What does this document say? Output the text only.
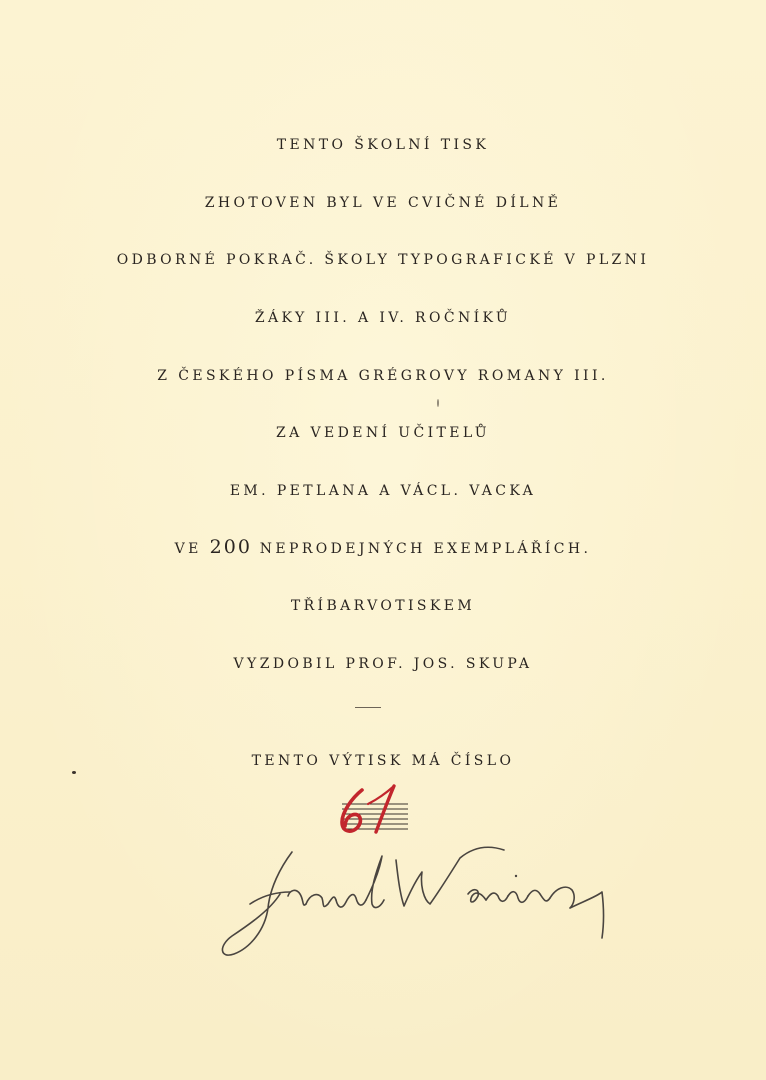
TENTO ŠKOLNÍ TISK
ZHOTOVEN BYL VE CVIČNÉ DÍLNĚ
ODBORNÉ POKRAČ. ŠKOLY TYPOGRAFICKÉ V PLZNI
ŽÁKY III. A IV. ROČNÍKŮ
Z ČESKÉHO PÍSMA GRÉGROVY ROMANY III.
ZA VEDENÍ UČITELŮ
EM. PETLANA A VÁCL. VACKA
VE 200 NEPRODEJNÝCH EXEMPLÁŘÍCH.
TŘÍBARVOTISKEM
VYZDOBIL PROF. JOS. SKUPA
TENTO VÝTISK MÁ ČÍSLO
